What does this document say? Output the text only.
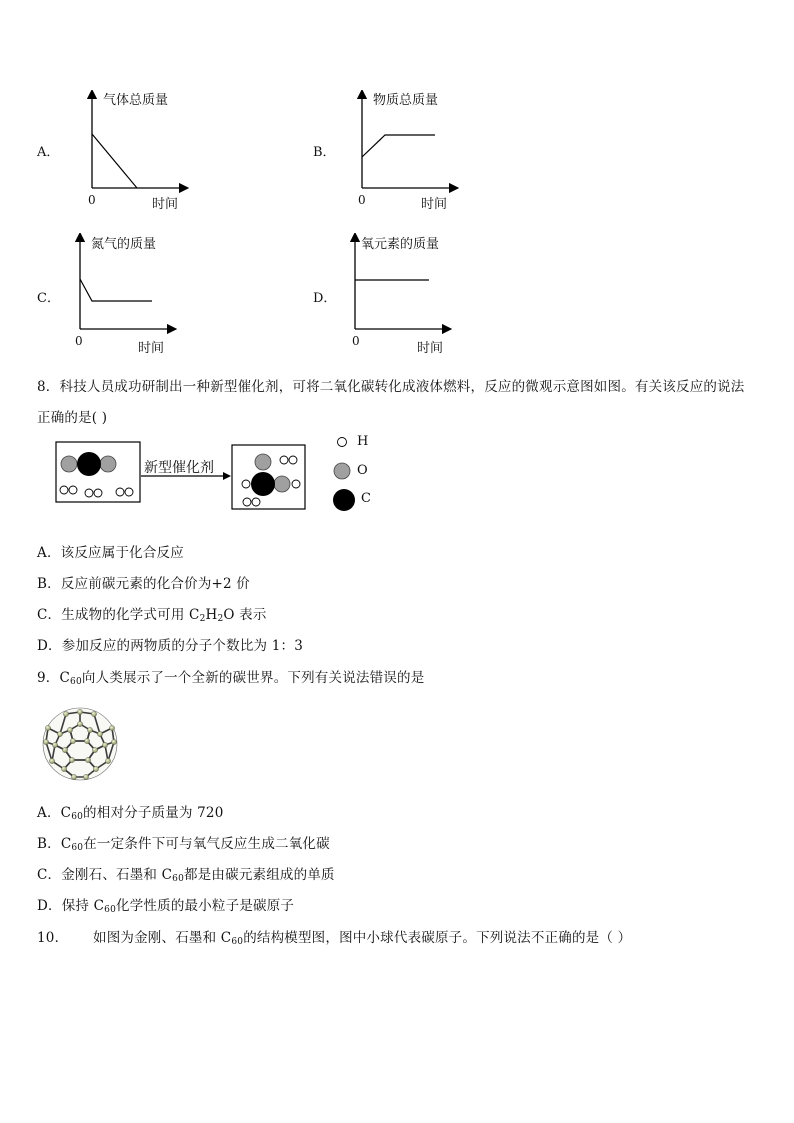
A．
气体总质量
0	时间
B．
物质总质量
0	时间
C．
氮气的质量
0	时间
D．
氧元素的质量
0	时间
8．科技人员成功研制出一种新型催化剂，可将二氧化碳转化成液体燃料，反应的微观示意图如图。有关该反应的说法
正确的是( )
新型催化剂
H
O
C
A．该反应属于化合反应
B．反应前碳元素的化合价为+2 价
C．生成物的化学式可用 $C_2H_2O$ 表示
D．参加反应的两物质的分子个数比为 1：3
9．$C_{60}$向人类展示了一个全新的碳世界。下列有关说法错误的是
A．$C_{60}$的相对分子质量为 720
B．$C_{60}$在一定条件下可与氧气反应生成二氧化碳
C．金刚石、石墨和 $C_{60}$都是由碳元素组成的单质
D．保持 $C_{60}$化学性质的最小粒子是碳原子
10． 如图为金刚、石墨和 $C_{60}$的结构模型图，图中小球代表碳原子。下列说法不正确的是（ ）
